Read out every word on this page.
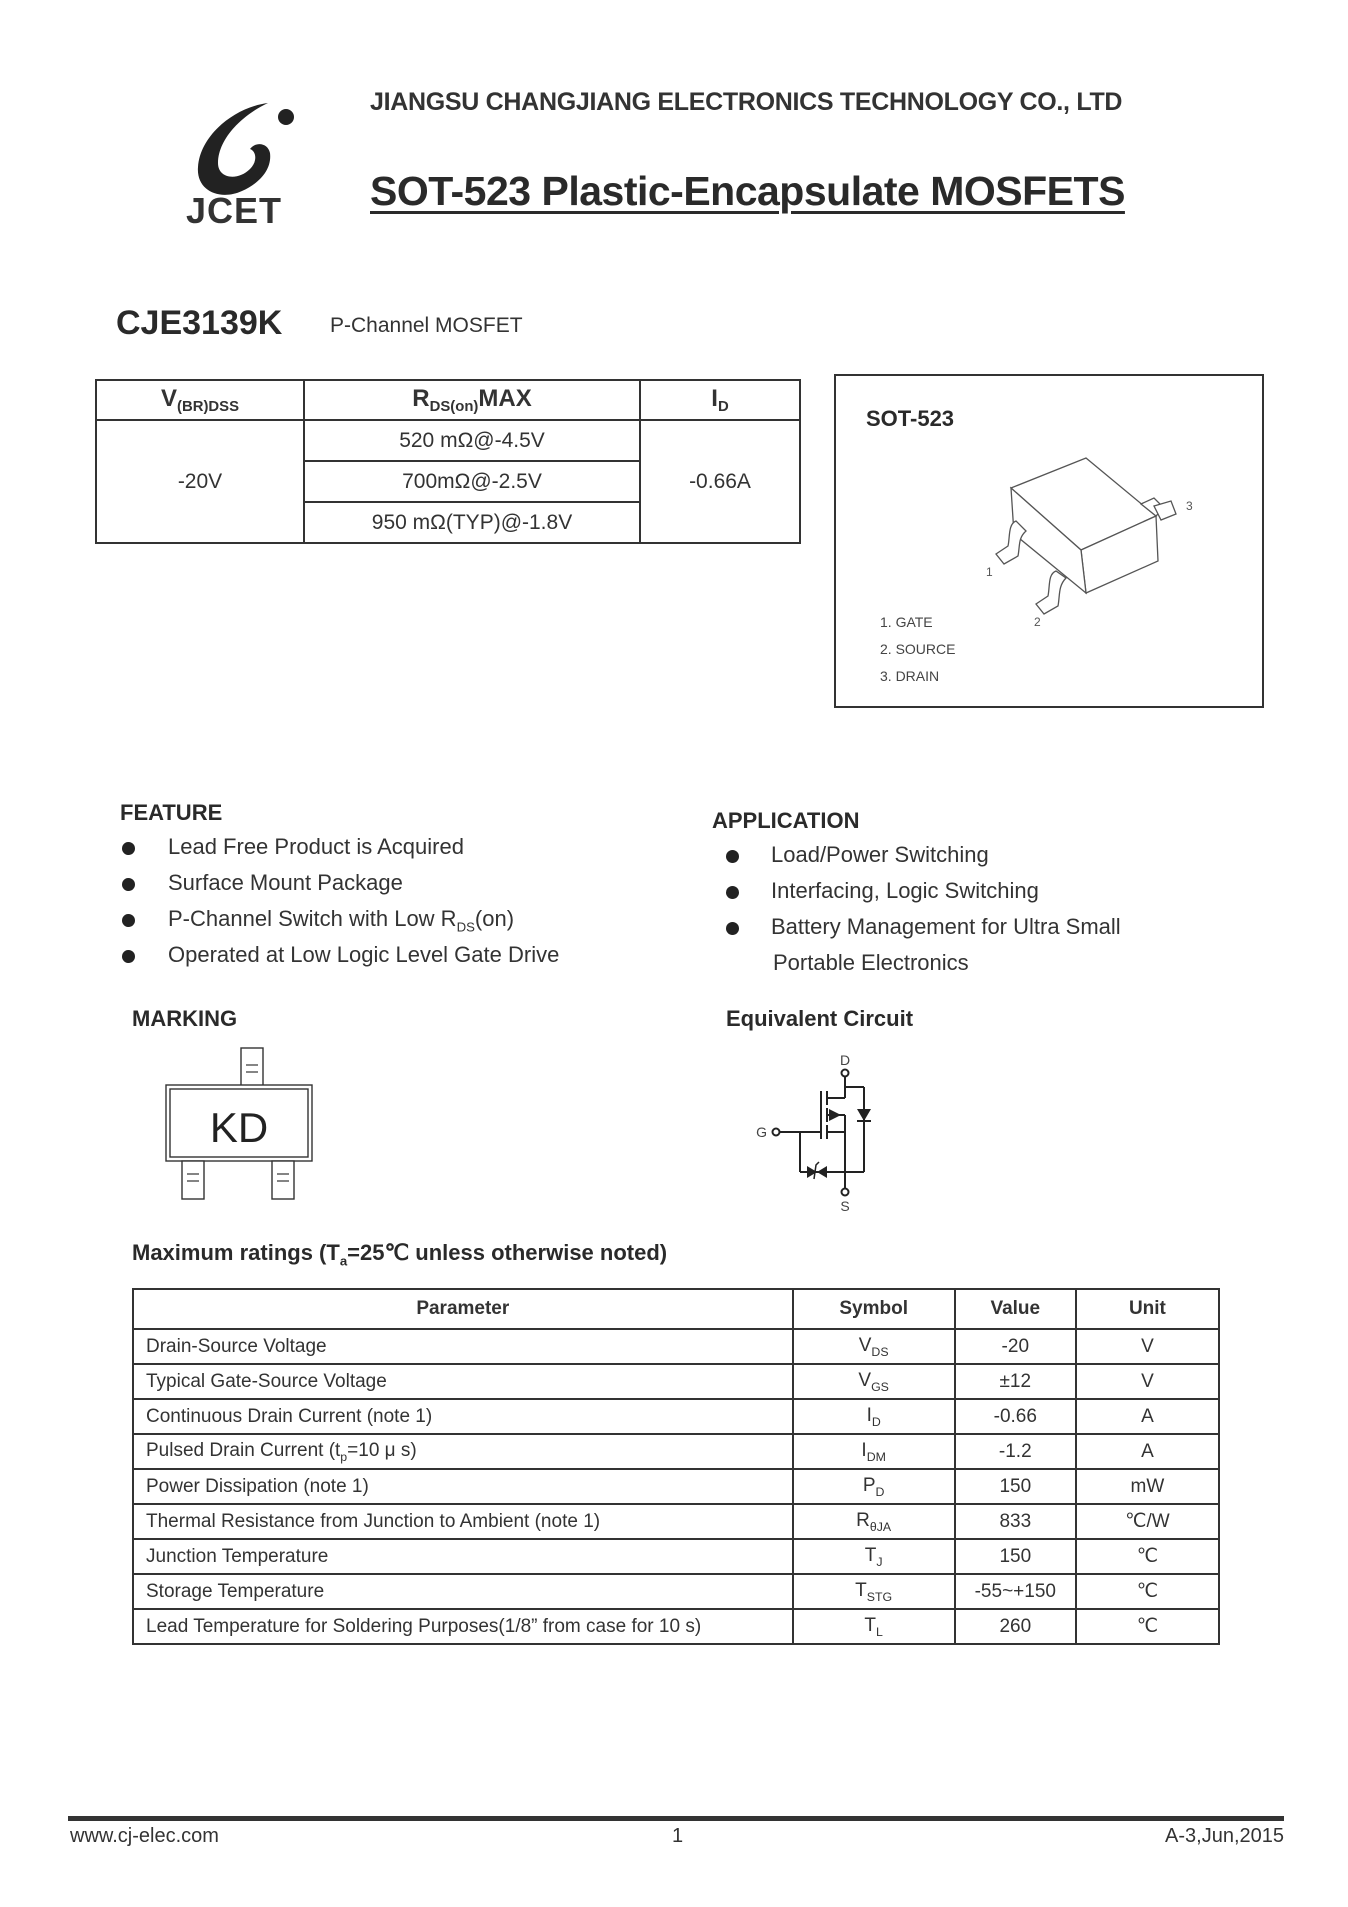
JCET
JIANGSU CHANGJIANG ELECTRONICS TECHNOLOGY CO., LTD
SOT-523 Plastic-Encapsulate MOSFETS
CJE3139K P-Channel MOSFET
$V_{(BR)DSS}$	$R_{DS(on)}MAX$	$I_D$
-20V	520 mΩ@-4.5V	-0.66A
	700mΩ@-2.5V	
	950 mΩ(TYP)@-1.8V	
SOT-523
1
2
3
1. GATE
2. SOURCE
3. DRAIN
FEATURE
Lead Free Product is Acquired
Surface Mount Package
P-Channel Switch with Low $R_{DS}(on)$
Operated at Low Logic Level Gate Drive
APPLICATION
Load/Power Switching
Interfacing, Logic Switching
Battery Management for Ultra Small
Portable Electronics
MARKING
KD
Equivalent Circuit
D
G
S
Maximum ratings ($T_a=25℃$ unless otherwise noted)
Parameter	Symbol	Value	Unit
Drain-Source Voltage	$V_{DS}$	-20	V
Typical Gate-Source Voltage	$V_{GS}$	±12	V
Continuous Drain Current (note 1)	$I_D$	-0.66	A
Pulsed Drain Current ($t_p=10$ μ s)	$I_{DM}$	-1.2	A
Power Dissipation (note 1)	$P_D$	150	mW
Thermal Resistance from Junction to Ambient (note 1)	$R_{\theta JA}$	833	℃/W
Junction Temperature	$T_J$	150	℃
Storage Temperature	$T_{STG}$	-55~+150	℃
Lead Temperature for Soldering Purposes(1/8” from case for 10 s)	$T_L$	260	℃
www.cj-elec.com	1	A-3,Jun,2015
